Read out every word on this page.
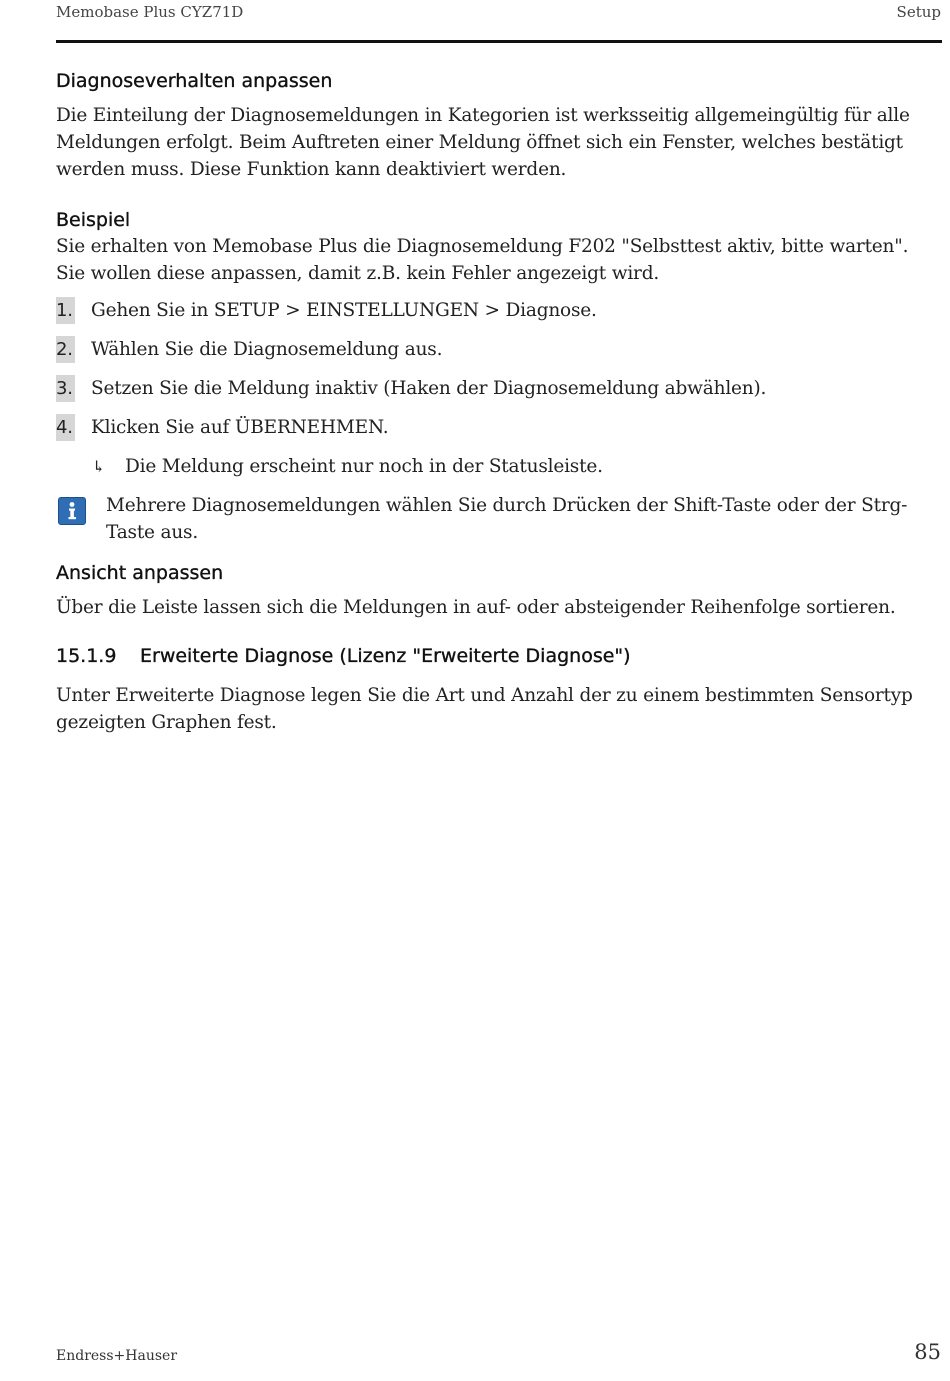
Memobase Plus CYZ71D	Setup
Diagnoseverhalten anpassen

Die Einteilung der Diagnosemeldungen in Kategorien ist werksseitig allgemeingültig für alle Meldungen erfolgt. Beim Auftreten einer Meldung öffnet sich ein Fenster, welches bestätigt werden muss. Diese Funktion kann deaktiviert werden.

Beispiel

Sie erhalten von Memobase Plus die Diagnosemeldung F202 "Selbsttest aktiv, bitte warten". Sie wollen diese anpassen, damit z.B. kein Fehler angezeigt wird.

1. Gehen Sie in SETUP > EINSTELLUNGEN > Diagnose.
2. Wählen Sie die Diagnosemeldung aus.
3. Setzen Sie die Meldung inaktiv (Haken der Diagnosemeldung abwählen).
4. Klicken Sie auf ÜBERNEHMEN.
↳ Die Meldung erscheint nur noch in der Statusleiste.
Mehrere Diagnosemeldungen wählen Sie durch Drücken der Shift-Taste oder der Strg-Taste aus.
Ansicht anpassen

Über die Leiste lassen sich die Meldungen in auf- oder absteigender Reihenfolge sortieren.

15.1.9 Erweiterte Diagnose (Lizenz "Erweiterte Diagnose")

Unter Erweiterte Diagnose legen Sie die Art und Anzahl der zu einem bestimmten Sensortyp gezeigten Graphen fest.

Endress+Hauser	85
